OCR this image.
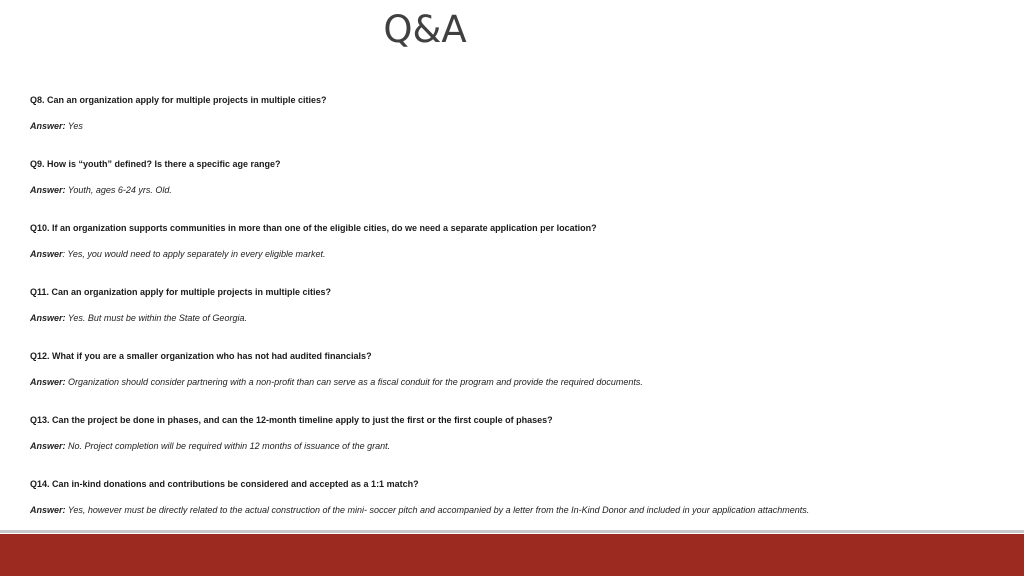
Q&A
Q8. Can an organization apply for multiple projects in multiple cities?
Answer: Yes
Q9. How is “youth” defined? Is there a specific age range?
Answer: Youth, ages 6-24 yrs. Old.
Q10. If an organization supports communities in more than one of the eligible cities, do we need a separate application per location?
Answer: Yes, you would need to apply separately in every eligible market.
Q11. Can an organization apply for multiple projects in multiple cities?
Answer: Yes. But must be within the State of Georgia.
Q12. What if you are a smaller organization who has not had audited financials?
Answer: Organization should consider partnering with a non-profit than can serve as a fiscal conduit for the program and provide the required documents.
Q13. Can the project be done in phases, and can the 12-month timeline apply to just the first or the first couple of phases?
Answer: No. Project completion will be required within 12 months of issuance of the grant.
Q14. Can in-kind donations and contributions be considered and accepted as a 1:1 match?
Answer: Yes, however must be directly related to the actual construction of the mini- soccer pitch and accompanied by a letter from the In-Kind Donor and included in your application attachments.
